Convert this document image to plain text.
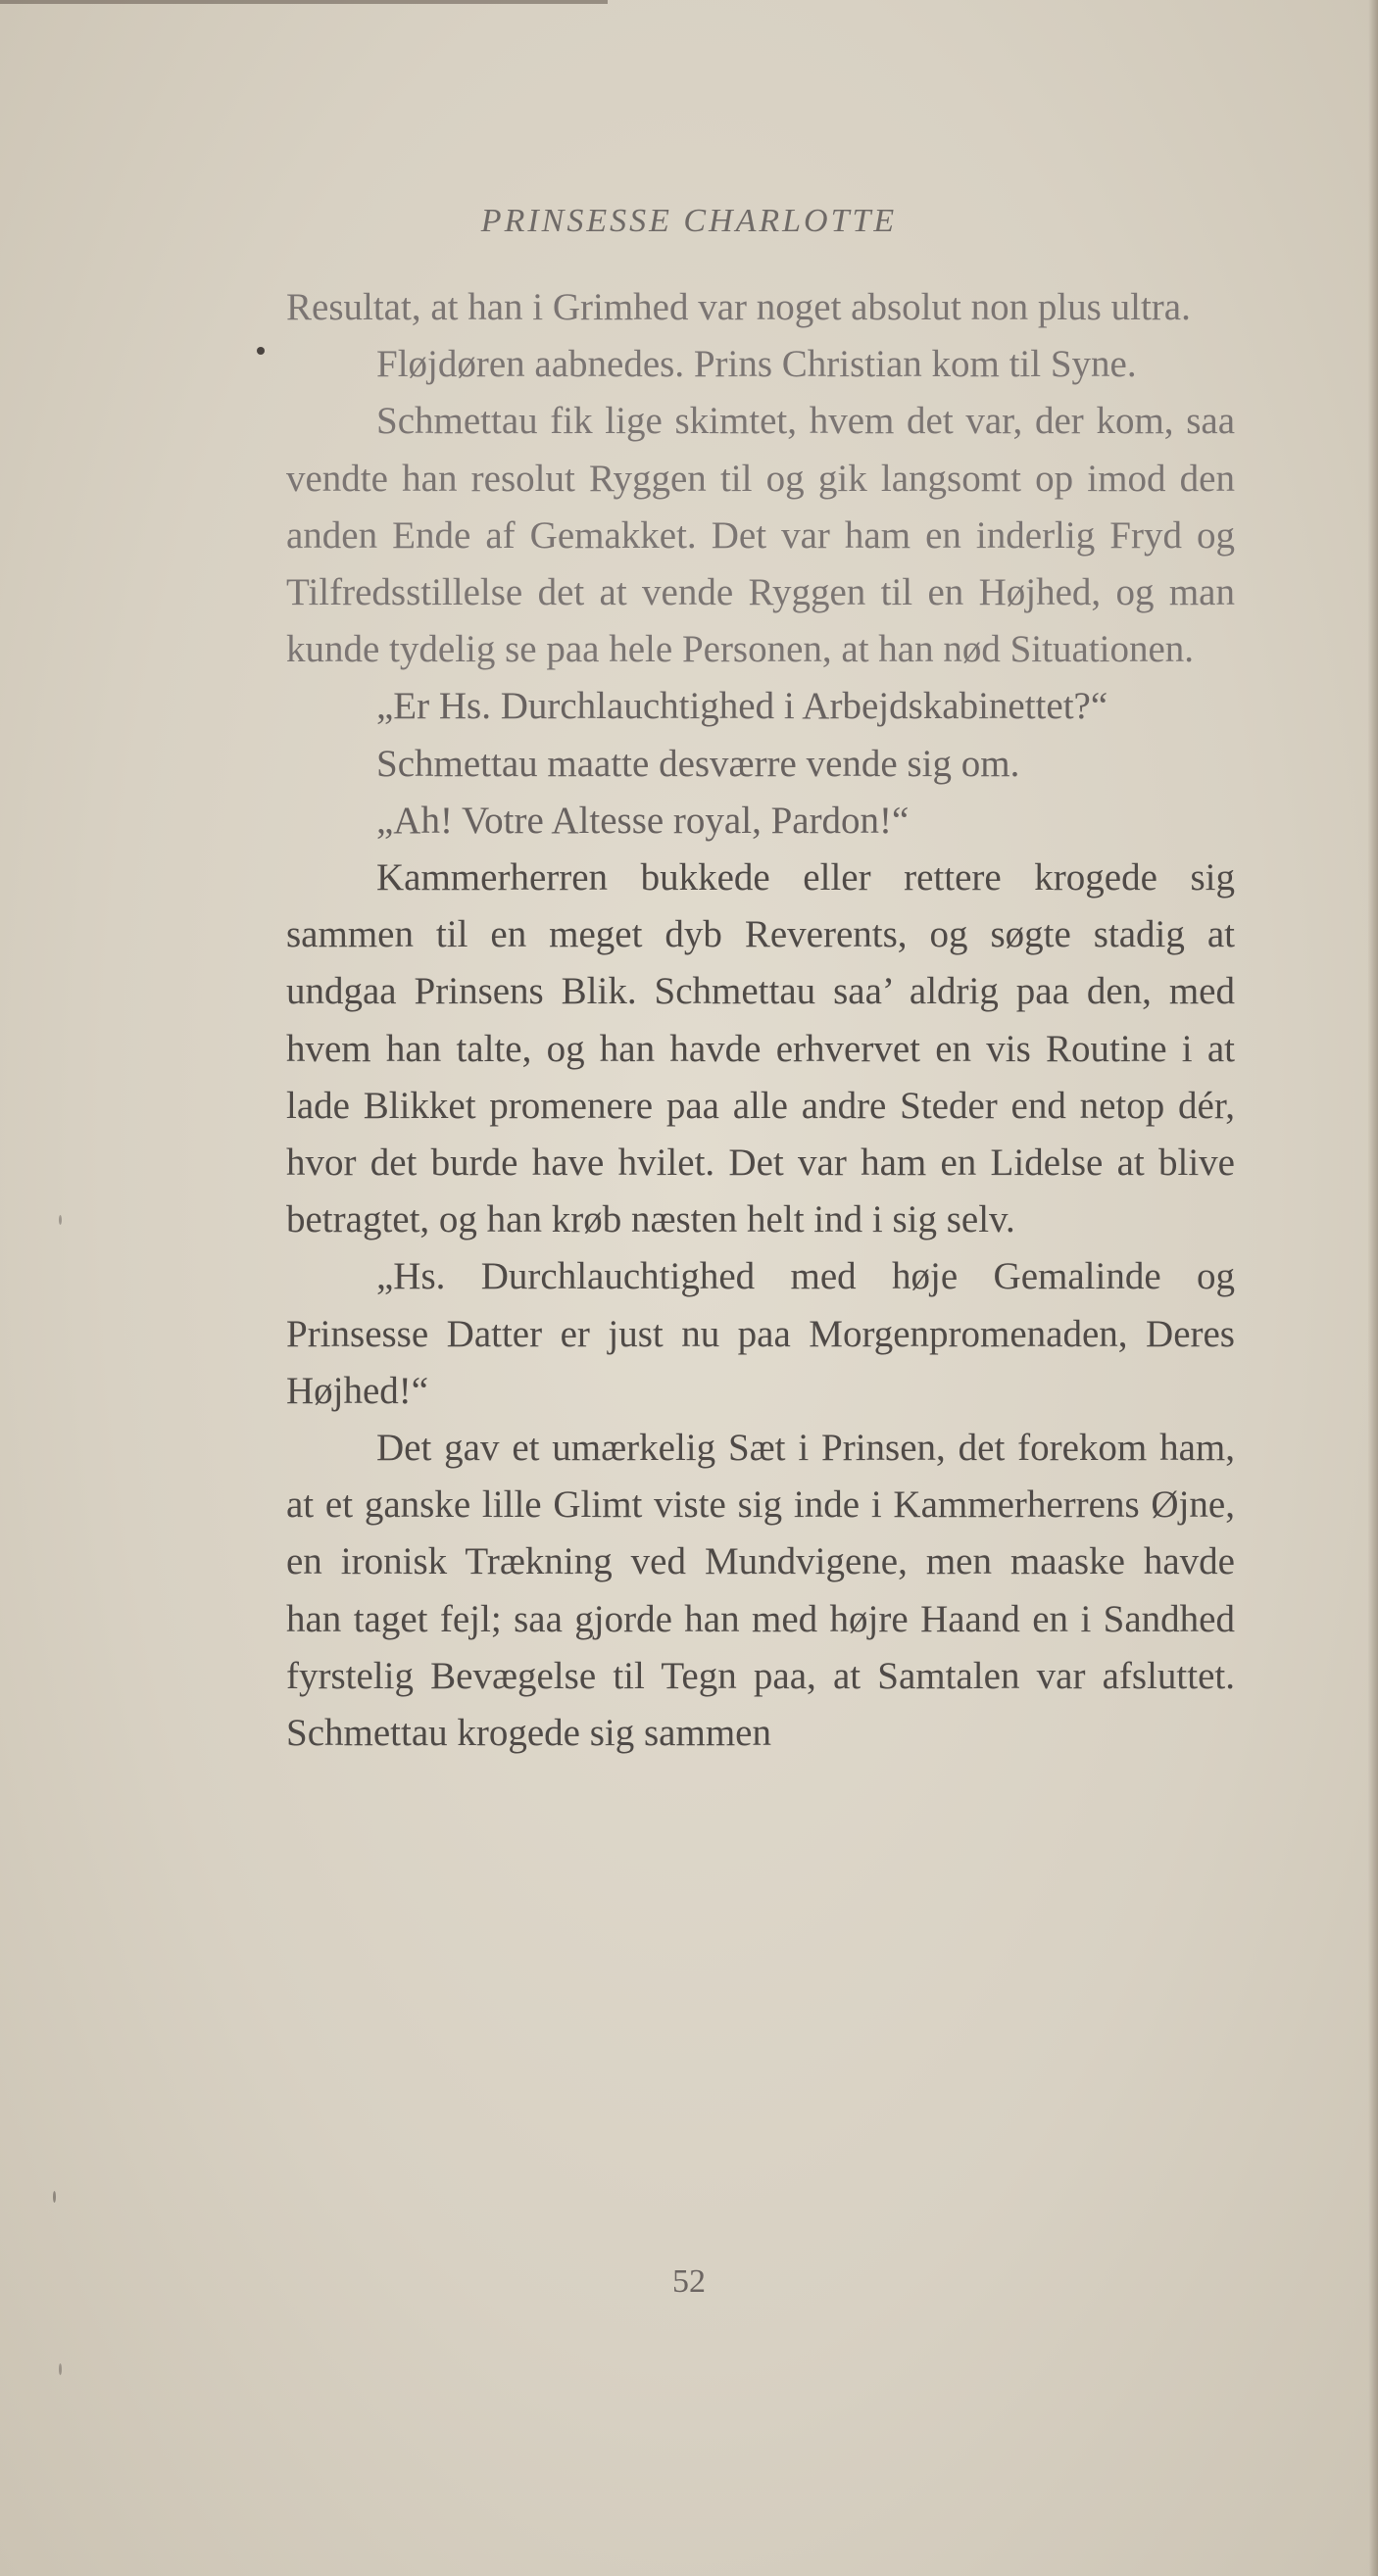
PRINSESSE CHARLOTTE

Resultat, at han i Grimhed var noget absolut non plus ultra.

Fløjdøren aabnedes. Prins Christian kom til Syne.

Schmettau fik lige skimtet, hvem det var, der kom, saa vendte han resolut Ryggen til og gik langsomt op imod den anden Ende af Gemakket. Det var ham en inderlig Fryd og Tilfredsstillelse det at vende Ryggen til en Højhed, og man kunde tydelig se paa hele Personen, at han nød Situationen.

„Er Hs. Durchlauchtighed i Arbejdskabinettet?“

Schmettau maatte desværre vende sig om.

„Ah! Votre Altesse royal, Pardon!“

Kammerherren bukkede eller rettere krogede sig sammen til en meget dyb Reverents, og søgte stadig at undgaa Prinsens Blik. Schmettau saa’ aldrig paa den, med hvem han talte, og han havde erhvervet en vis Routine i at lade Blikket promenere paa alle andre Steder end netop dér, hvor det burde have hvilet. Det var ham en Lidelse at blive betragtet, og han krøb næsten helt ind i sig selv.

„Hs. Durchlauchtighed med høje Gemalinde og Prinsesse Datter er just nu paa Morgenpromenaden, Deres Højhed!“

Det gav et umærkelig Sæt i Prinsen, det forekom ham, at et ganske lille Glimt viste sig inde i Kammerherrens Øjne, en ironisk Trækning ved Mundvigene, men maaske havde han taget fejl; saa gjorde han med højre Haand en i Sandhed fyrstelig Bevægelse til Tegn paa, at Samtalen var afsluttet. Schmettau krogede sig sammen

52
